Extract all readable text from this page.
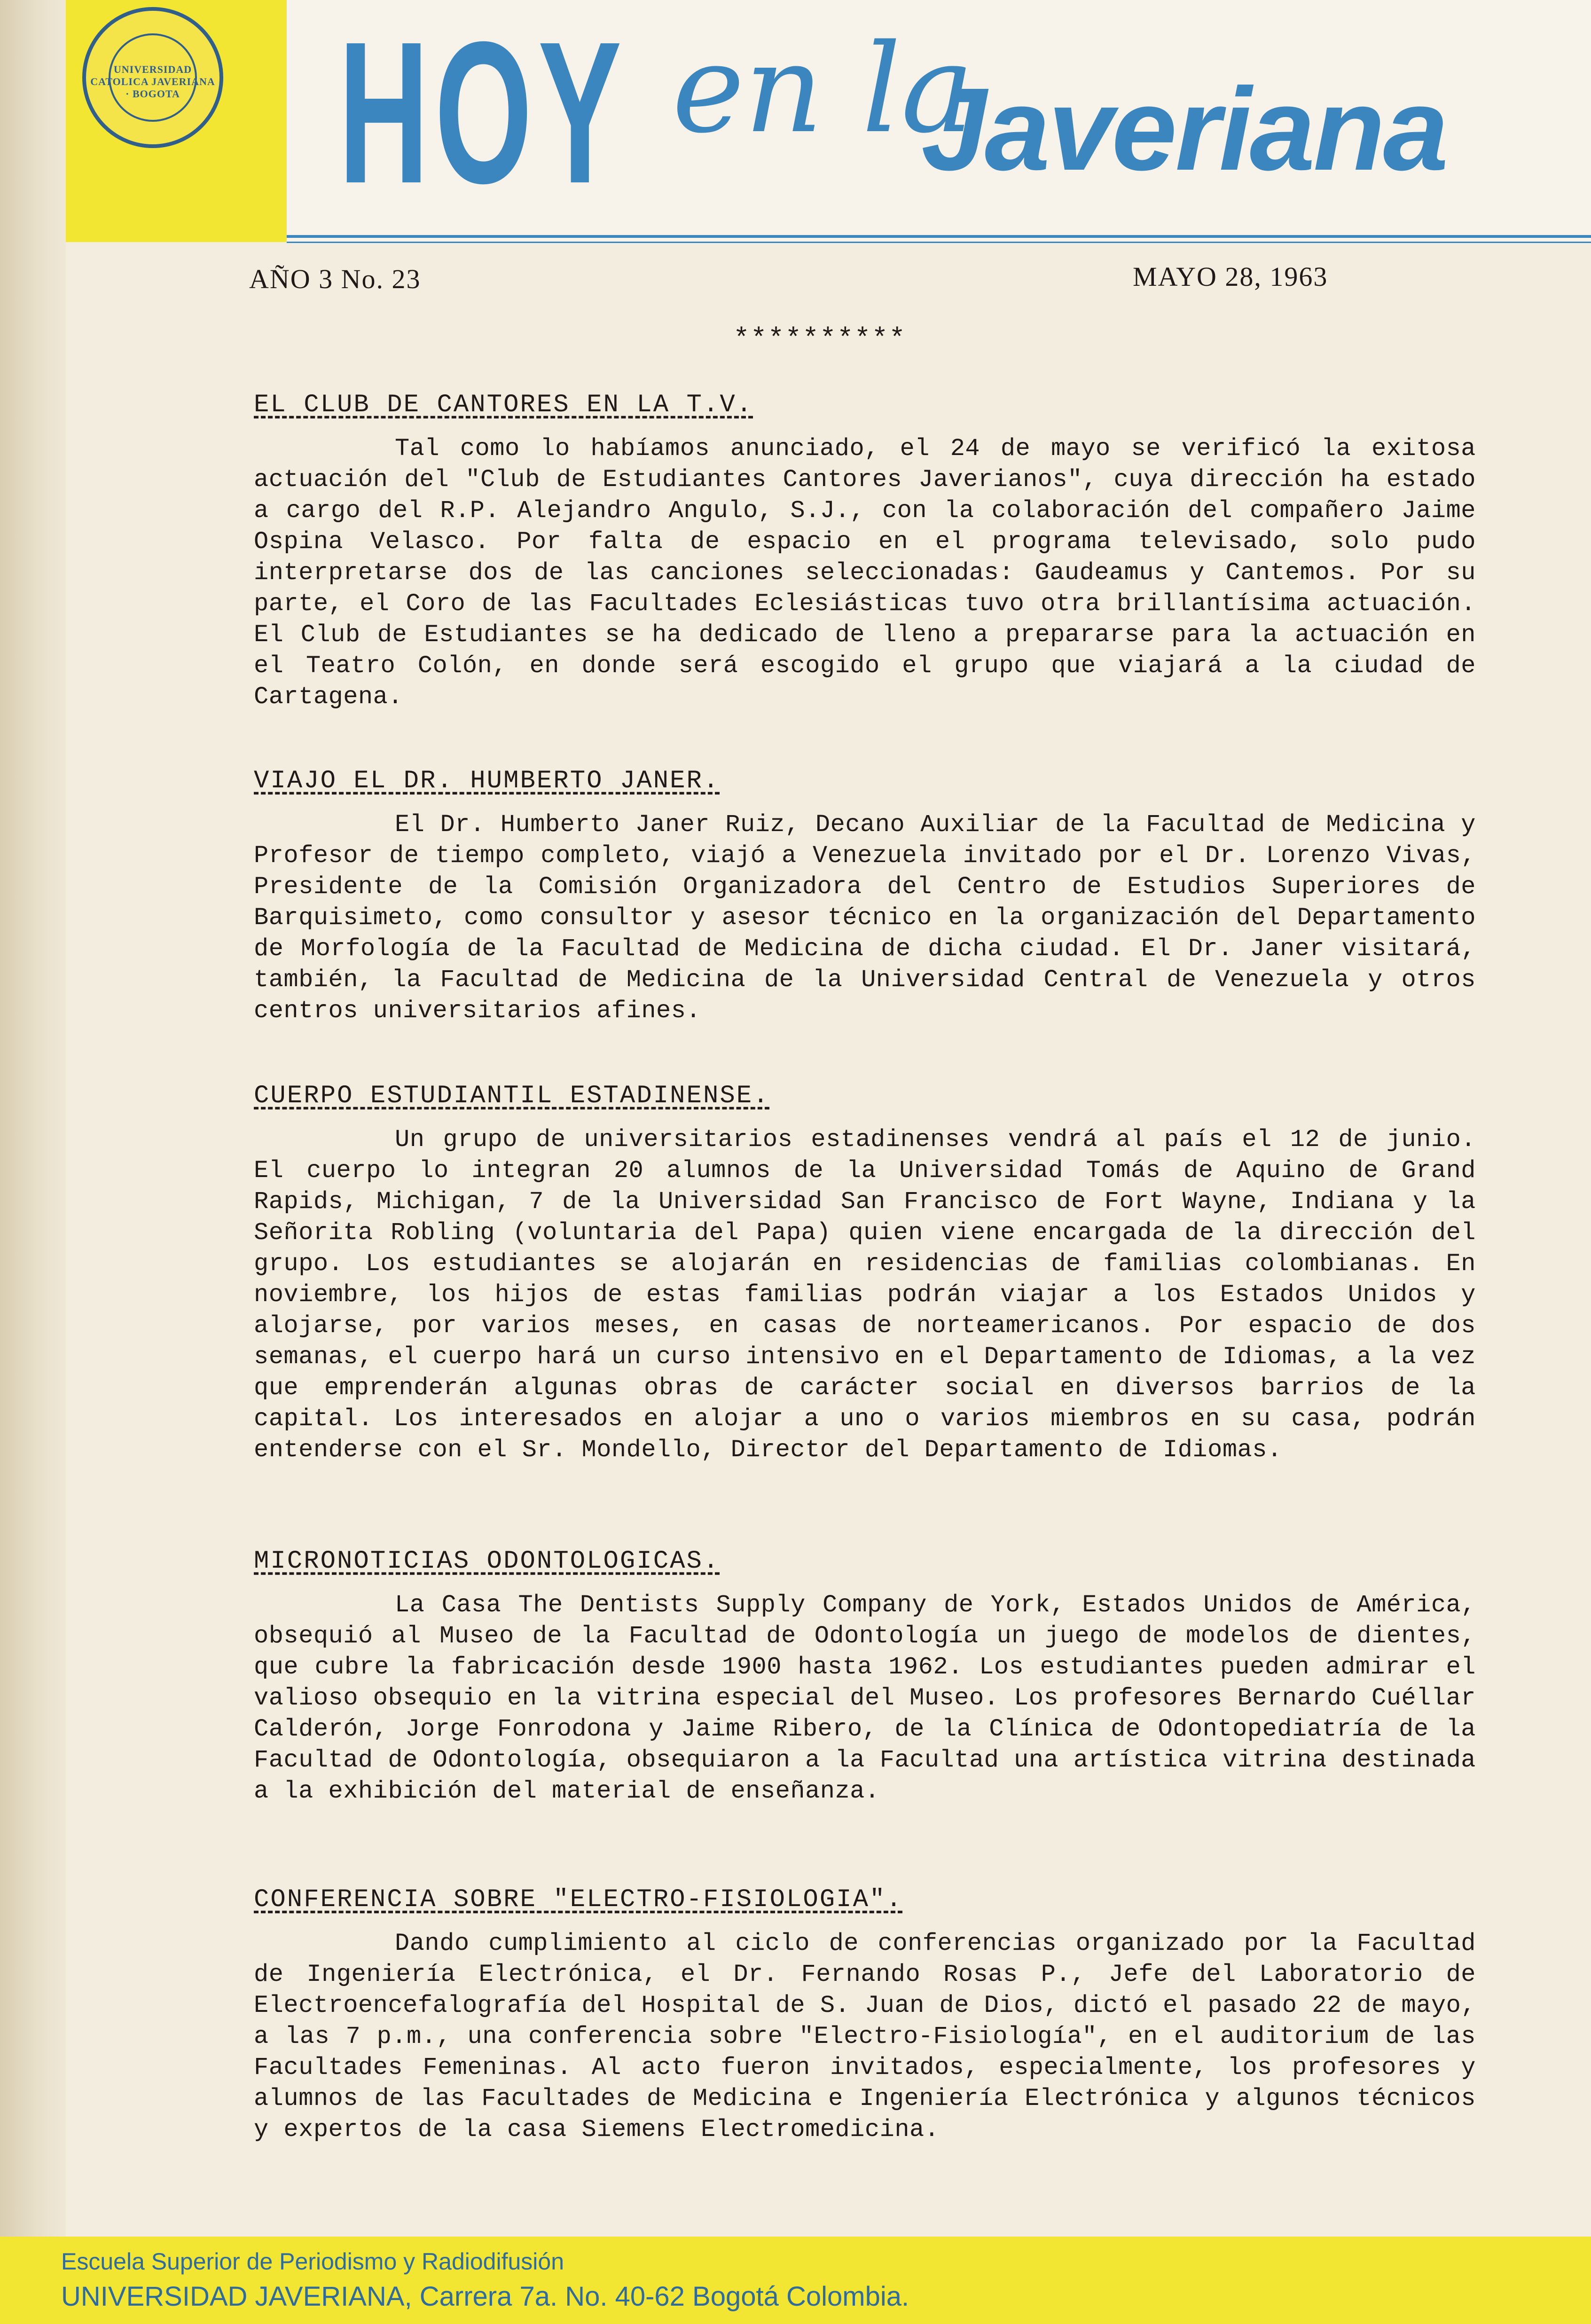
UNIVERSIDAD CATOLICA JAVERIANA · BOGOTA HOY en la
Javeriana
AÑO 3 No. 23	MAYO 28, 1963
**********

EL CLUB DE CANTORES EN LA T.V.

Tal como lo habíamos anunciado, el 24 de mayo se verificó la exitosa actuación del "Club de Estudiantes Cantores Javerianos", cuya dirección ha estado a cargo del R.P. Alejandro Angulo, S.J., con la colaboración del compañero Jaime Ospina Velasco. Por falta de espacio en el programa televisado, solo pudo interpretarse dos de las canciones seleccionadas: Gaudeamus y Cantemos. Por su parte, el Coro de las Facultades Eclesiásticas tuvo otra brillantísima actuación. El Club de Estudiantes se ha dedicado de lleno a prepararse para la actuación en el Teatro Colón, en donde será escogido el grupo que viajará a la ciudad de Cartagena.

VIAJO EL DR. HUMBERTO JANER.

El Dr. Humberto Janer Ruiz, Decano Auxiliar de la Facultad de Medicina y Profesor de tiempo completo, viajó a Venezuela invitado por el Dr. Lorenzo Vivas, Presidente de la Comisión Organizadora del Centro de Estudios Superiores de Barquisimeto, como consultor y asesor técnico en la organización del Departamento de Morfología de la Facultad de Medicina de dicha ciudad. El Dr. Janer visitará, también, la Facultad de Medicina de la Universidad Central de Venezuela y otros centros universitarios afines.

CUERPO ESTUDIANTIL ESTADINENSE.

Un grupo de universitarios estadinenses vendrá al país el 12 de junio. El cuerpo lo integran 20 alumnos de la Universidad Tomás de Aquino de Grand Rapids, Michigan, 7 de la Universidad San Francisco de Fort Wayne, Indiana y la Señorita Robling (voluntaria del Papa) quien viene encargada de la dirección del grupo. Los estudiantes se alojarán en residencias de familias colombianas. En noviembre, los hijos de estas familias podrán viajar a los Estados Unidos y alojarse, por varios meses, en casas de norteamericanos. Por espacio de dos semanas, el cuerpo hará un curso intensivo en el Departamento de Idiomas, a la vez que emprenderán algunas obras de carácter social en diversos barrios de la capital. Los interesados en alojar a uno o varios miembros en su casa, podrán entenderse con el Sr. Mondello, Director del Departamento de Idiomas.

MICRONOTICIAS ODONTOLOGICAS.

La Casa The Dentists Supply Company de York, Estados Unidos de América, obsequió al Museo de la Facultad de Odontología un juego de modelos de dientes, que cubre la fabricación desde 1900 hasta 1962. Los estudiantes pueden admirar el valioso obsequio en la vitrina especial del Museo. Los profesores Bernardo Cuéllar Calderón, Jorge Fonrodona y Jaime Ribero, de la Clínica de Odontopediatría de la Facultad de Odontología, obsequiaron a la Facultad una artística vitrina destinada a la exhibición del material de enseñanza.

CONFERENCIA SOBRE "ELECTRO-FISIOLOGIA".

Dando cumplimiento al ciclo de conferencias organizado por la Facultad de Ingeniería Electrónica, el Dr. Fernando Rosas P., Jefe del Laboratorio de Electroencefalografía del Hospital de S. Juan de Dios, dictó el pasado 22 de mayo, a las 7 p.m., una conferencia sobre "Electro-Fisiología", en el auditorium de las Facultades Femeninas. Al acto fueron invitados, especialmente, los profesores y alumnos de las Facultades de Medicina e Ingeniería Electrónica y algunos técnicos y expertos de la casa Siemens Electromedicina.

Escuela Superior de Periodismo y Radiodifusión
UNIVERSIDAD JAVERIANA, Carrera 7a. No. 40-62 Bogotá Colombia.
